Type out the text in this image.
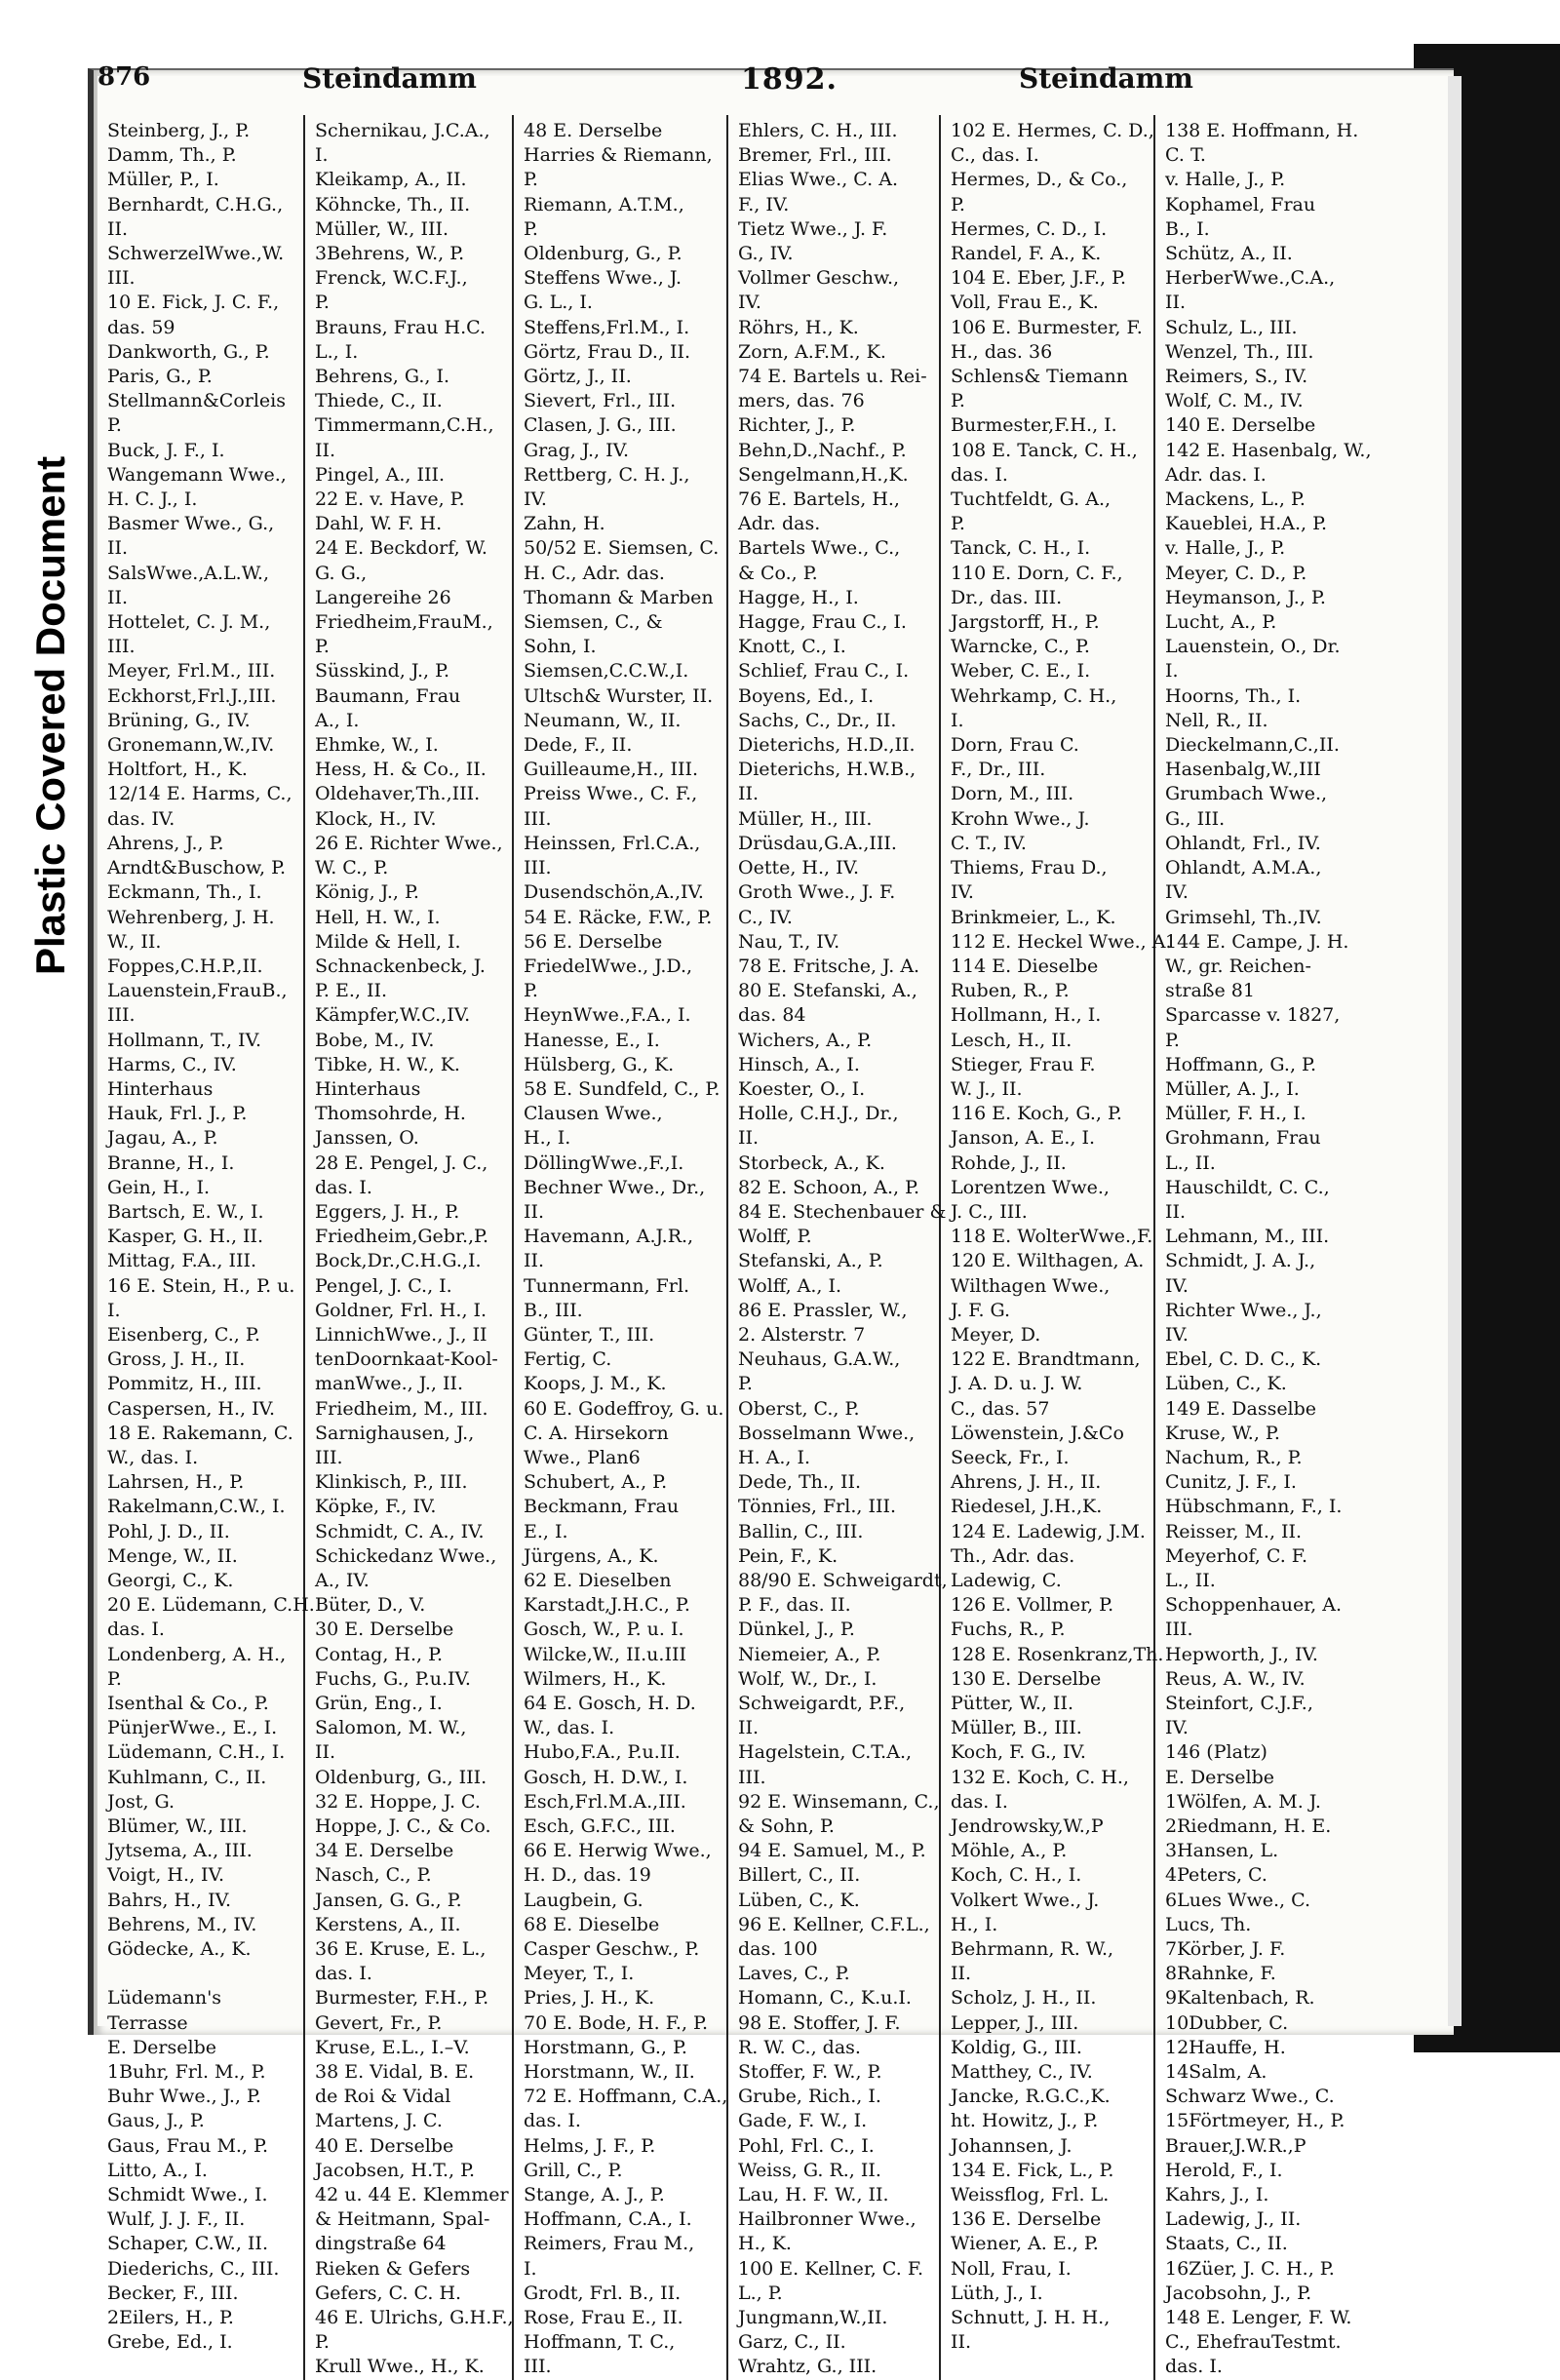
Plastic Covered Document
876	Steindamm	1892.	Steindamm
Steinberg, J., P.
Damm, Th., P.
Müller, P., I.
Bernhardt, C.H.G.,
II.
SchwerzelWwe.,W.
III.
10 E. Fick, J. C. F.,
das. 59
Dankworth, G., P.
Paris, G., P.
Stellmann&Corleis
P.
Buck, J. F., I.
Wangemann Wwe.,
H. C. J., I.
Basmer Wwe., G.,
II.
SalsWwe.,A.L.W.,
II.
Hottelet, C. J. M.,
III.
Meyer, Frl.M., III.
Eckhorst,Frl.J.,III.
Brüning, G., IV.
Gronemann,W.,IV.
Holtfort, H., K.
12/14 E. Harms, C.,
das. IV.
Ahrens, J., P.
Arndt&Buschow, P.
Eckmann, Th., I.
Wehrenberg, J. H.
W., II.
Foppes,C.H.P.,II.
Lauenstein,FrauB.,
III.
Hollmann, T., IV.
Harms, C., IV.
Hinterhaus
Hauk, Frl. J., P.
Jagau, A., P.
Branne, H., I.
Gein, H., I.
Bartsch, E. W., I.
Kasper, G. H., II.
Mittag, F.A., III.
16 E. Stein, H., P. u.
I.
Eisenberg, C., P.
Gross, J. H., II.
Pommitz, H., III.
Caspersen, H., IV.
18 E. Rakemann, C.
W., das. I.
Lahrsen, H., P.
Rakelmann,C.W., I.
Pohl, J. D., II.
Menge, W., II.
Georgi, C., K.
20 E. Lüdemann, C.H.
das. I.
Londenberg, A. H.,
P.
Isenthal & Co., P.
PünjerWwe., E., I.
Lüdemann, C.H., I.
Kuhlmann, C., II.
Jost, G.
Blümer, W., III.
Jytsema, A., III.
Voigt, H., IV.
Bahrs, H., IV.
Behrens, M., IV.
Gödecke, A., K.

Lüdemann's
Terrasse
E. Derselbe
1Buhr, Frl. M., P.
Buhr Wwe., J., P.
Gaus, J., P.
Gaus, Frau M., P.
Litto, A., I.
Schmidt Wwe., I.
Wulf, J. J. F., II.
Schaper, C.W., II.
Diederichs, C., III.
Becker, F., III.
2Eilers, H., P.
Grebe, Ed., I.
Schernikau, J.C.A.,
I.
Kleikamp, A., II.
Köhncke, Th., II.
Müller, W., III.
3Behrens, W., P.
Frenck, W.C.F.J.,
P.
Brauns, Frau H.C.
L., I.
Behrens, G., I.
Thiede, C., II.
Timmermann,C.H.,
II.
Pingel, A., III.
22 E. v. Have, P.
Dahl, W. F. H.
24 E. Beckdorf, W.
G. G.,
Langereihe 26
Friedheim,FrauM.,
P.
Süsskind, J., P.
Baumann, Frau
A., I.
Ehmke, W., I.
Hess, H. & Co., II.
Oldehaver,Th.,III.
Klock, H., IV.
26 E. Richter Wwe.,
W. C., P.
König, J., P.
Hell, H. W., I.
Milde & Hell, I.
Schnackenbeck, J.
P. E., II.
Kämpfer,W.C.,IV.
Bobe, M., IV.
Tibke, H. W., K.
Hinterhaus
Thomsohrde, H.
Janssen, O.
28 E. Pengel, J. C.,
das. I.
Eggers, J. H., P.
Friedheim,Gebr.,P.
Bock,Dr.,C.H.G.,I.
Pengel, J. C., I.
Goldner, Frl. H., I.
LinnichWwe., J., II
tenDoornkaat-Kool-
manWwe., J., II.
Friedheim, M., III.
Sarnighausen, J.,
III.
Klinkisch, P., III.
Köpke, F., IV.
Schmidt, C. A., IV.
Schickedanz Wwe.,
A., IV.
Büter, D., V.
30 E. Derselbe
Contag, H., P.
Fuchs, G., P.u.IV.
Grün, Eng., I.
Salomon, M. W.,
II.
Oldenburg, G., III.
32 E. Hoppe, J. C.
Hoppe, J. C., & Co.
34 E. Derselbe
Nasch, C., P.
Jansen, G. G., P.
Kerstens, A., II.
36 E. Kruse, E. L.,
das. I.
Burmester, F.H., P.
Gevert, Fr., P.
Kruse, E.L., I.–V.
38 E. Vidal, B. E.
de Roi & Vidal
Martens, J. C.
40 E. Derselbe
Jacobsen, H.T., P.
42 u. 44 E. Klemmer
& Heitmann, Spal-
dingstraße 64
Rieken & Gefers
Gefers, C. C. H.
46 E. Ulrichs, G.H.F.,
P.
Krull Wwe., H., K.
48 E. Derselbe
Harries & Riemann,
P.
Riemann, A.T.M.,
P.
Oldenburg, G., P.
Steffens Wwe., J.
G. L., I.
Steffens,Frl.M., I.
Görtz, Frau D., II.
Görtz, J., II.
Sievert, Frl., III.
Clasen, J. G., III.
Grag, J., IV.
Rettberg, C. H. J.,
IV.
Zahn, H.
50/52 E. Siemsen, C.
H. C., Adr. das.
Thomann & Marben
Siemsen, C., &
Sohn, I.
Siemsen,C.C.W.,I.
Ultsch& Wurster, II.
Neumann, W., II.
Dede, F., II.
Guilleaume,H., III.
Preiss Wwe., C. F.,
III.
Heinssen, Frl.C.A.,
III.
Dusendschön,A.,IV.
54 E. Räcke, F.W., P.
56 E. Derselbe
FriedelWwe., J.D.,
P.
HeynWwe.,F.A., I.
Hanesse, E., I.
Hülsberg, G., K.
58 E. Sundfeld, C., P.
Clausen Wwe.,
H., I.
DöllingWwe.,F.,I.
Bechner Wwe., Dr.,
II.
Havemann, A.J.R.,
II.
Tunnermann, Frl.
B., III.
Günter, T., III.
Fertig, C.
Koops, J. M., K.
60 E. Godeffroy, G. u.
C. A. Hirsekorn
Wwe., Plan6
Schubert, A., P.
Beckmann, Frau
E., I.
Jürgens, A., K.
62 E. Dieselben
Karstadt,J.H.C., P.
Gosch, W., P. u. I.
Wilcke,W., II.u.III
Wilmers, H., K.
64 E. Gosch, H. D.
W., das. I.
Hubo,F.A., P.u.II.
Gosch, H. D.W., I.
Esch,Frl.M.A.,III.
Esch, G.F.C., III.
66 E. Herwig Wwe.,
H. D., das. 19
Laugbein, G.
68 E. Dieselbe
Casper Geschw., P.
Meyer, T., I.
Pries, J. H., K.
70 E. Bode, H. F., P.
Horstmann, G., P.
Horstmann, W., II.
72 E. Hoffmann, C.A.,
das. I.
Helms, J. F., P.
Grill, C., P.
Stange, A. J., P.
Hoffmann, C.A., I.
Reimers, Frau M.,
I.
Grodt, Frl. B., II.
Rose, Frau E., II.
Hoffmann, T. C.,
III.
Ehlers, C. H., III.
Bremer, Frl., III.
Elias Wwe., C. A.
F., IV.
Tietz Wwe., J. F.
G., IV.
Vollmer Geschw.,
IV.
Röhrs, H., K.
Zorn, A.F.M., K.
74 E. Bartels u. Rei-
mers, das. 76
Richter, J., P.
Behn,D.,Nachf., P.
Sengelmann,H.,K.
76 E. Bartels, H.,
Adr. das.
Bartels Wwe., C.,
& Co., P.
Hagge, H., I.
Hagge, Frau C., I.
Knott, C., I.
Schlief, Frau C., I.
Boyens, Ed., I.
Sachs, C., Dr., II.
Dieterichs, H.D.,II.
Dieterichs, H.W.B.,
II.
Müller, H., III.
Drüsdau,G.A.,III.
Oette, H., IV.
Groth Wwe., J. F.
C., IV.
Nau, T., IV.
78 E. Fritsche, J. A.
80 E. Stefanski, A.,
das. 84
Wichers, A., P.
Hinsch, A., I.
Koester, O., I.
Holle, C.H.J., Dr.,
II.
Storbeck, A., K.
82 E. Schoon, A., P.
84 E. Stechenbauer &
Wolff, P.
Stefanski, A., P.
Wolff, A., I.
86 E. Prassler, W.,
2. Alsterstr. 7
Neuhaus, G.A.W.,
P.
Oberst, C., P.
Bosselmann Wwe.,
H. A., I.
Dede, Th., II.
Tönnies, Frl., III.
Ballin, C., III.
Pein, F., K.
88/90 E. Schweigardt,
P. F., das. II.
Dünkel, J., P.
Niemeier, A., P.
Wolf, W., Dr., I.
Schweigardt, P.F.,
II.
Hagelstein, C.T.A.,
III.
92 E. Winsemann, C.,
& Sohn, P.
94 E. Samuel, M., P.
Billert, C., II.
Lüben, C., K.
96 E. Kellner, C.F.L.,
das. 100
Laves, C., P.
Homann, C., K.u.I.
98 E. Stoffer, J. F.
R. W. C., das.
Stoffer, F. W., P.
Grube, Rich., I.
Gade, F. W., I.
Pohl, Frl. C., I.
Weiss, G. R., II.
Lau, H. F. W., II.
Hailbronner Wwe.,
H., K.
100 E. Kellner, C. F.
L., P.
Jungmann,W.,II.
Garz, C., II.
Wrahtz, G., III.
102 E. Hermes, C. D.,
C., das. I.
Hermes, D., & Co.,
P.
Hermes, C. D., I.
Randel, F. A., K.
104 E. Eber, J.F., P.
Voll, Frau E., K.
106 E. Burmester, F.
H., das. 36
Schlens& Tiemann
P.
Burmester,F.H., I.
108 E. Tanck, C. H.,
das. I.
Tuchtfeldt, G. A.,
P.
Tanck, C. H., I.
110 E. Dorn, C. F.,
Dr., das. III.
Jargstorff, H., P.
Warncke, C., P.
Weber, C. E., I.
Wehrkamp, C. H.,
I.
Dorn, Frau C.
F., Dr., III.
Dorn, M., III.
Krohn Wwe., J.
C. T., IV.
Thiems, Frau D.,
IV.
Brinkmeier, L., K.
112 E. Heckel Wwe., A.
114 E. Dieselbe
Ruben, R., P.
Hollmann, H., I.
Lesch, H., II.
Stieger, Frau F.
W. J., II.
116 E. Koch, G., P.
Janson, A. E., I.
Rohde, J., II.
Lorentzen Wwe.,
J. C., III.
118 E. WolterWwe.,F.
120 E. Wilthagen, A.
Wilthagen Wwe.,
J. F. G.
Meyer, D.
122 E. Brandtmann,
J. A. D. u. J. W.
C., das. 57
Löwenstein, J.&Co
Seeck, Fr., I.
Ahrens, J. H., II.
Riedesel, J.H.,K.
124 E. Ladewig, J.M.
Th., Adr. das.
Ladewig, C.
126 E. Vollmer, P.
Fuchs, R., P.
128 E. Rosenkranz,Th.
130 E. Derselbe
Pütter, W., II.
Müller, B., III.
Koch, F. G., IV.
132 E. Koch, C. H.,
das. I.
Jendrowsky,W.,P
Möhle, A., P.
Koch, C. H., I.
Volkert Wwe., J.
H., I.
Behrmann, R. W.,
II.
Scholz, J. H., II.
Lepper, J., III.
Koldig, G., III.
Matthey, C., IV.
Jancke, R.G.C.,K.
ht. Howitz, J., P.
Johannsen, J.
134 E. Fick, L., P.
Weissflog, Frl. L.
136 E. Derselbe
Wiener, A. E., P.
Noll, Frau, I.
Lüth, J., I.
Schnutt, J. H. H.,
II.
138 E. Hoffmann, H.
C. T.
v. Halle, J., P.
Kophamel, Frau
B., I.
Schütz, A., II.
HerberWwe.,C.A.,
II.
Schulz, L., III.
Wenzel, Th., III.
Reimers, S., IV.
Wolf, C. M., IV.
140 E. Derselbe
142 E. Hasenbalg, W.,
Adr. das. I.
Mackens, L., P.
Kaueblei, H.A., P.
v. Halle, J., P.
Meyer, C. D., P.
Heymanson, J., P.
Lucht, A., P.
Lauenstein, O., Dr.
I.
Hoorns, Th., I.
Nell, R., II.
Dieckelmann,C.,II.
Hasenbalg,W.,III
Grumbach Wwe.,
G., III.
Ohlandt, Frl., IV.
Ohlandt, A.M.A.,
IV.
Grimsehl, Th.,IV.
144 E. Campe, J. H.
W., gr. Reichen-
straße 81
Sparcasse v. 1827,
P.
Hoffmann, G., P.
Müller, A. J., I.
Müller, F. H., I.
Grohmann, Frau
L., II.
Hauschildt, C. C.,
II.
Lehmann, M., III.
Schmidt, J. A. J.,
IV.
Richter Wwe., J.,
IV.
Ebel, C. D. C., K.
Lüben, C., K.
149 E. Dasselbe
Kruse, W., P.
Nachum, R., P.
Cunitz, J. F., I.
Hübschmann, F., I.
Reisser, M., II.
Meyerhof, C. F.
L., II.
Schoppenhauer, A.
III.
Hepworth, J., IV.
Reus, A. W., IV.
Steinfort, C.J.F.,
IV.
146 (Platz)
E. Derselbe
1Wölfen, A. M. J.
2Riedmann, H. E.
3Hansen, L.
4Peters, C.
6Lues Wwe., C.
Lucs, Th.
7Körber, J. F.
8Rahnke, F.
9Kaltenbach, R.
10Dubber, C.
12Hauffe, H.
14Salm, A.
Schwarz Wwe., C.
15Förtmeyer, H., P.
Brauer,J.W.R.,P
Herold, F., I.
Kahrs, J., I.
Ladewig, J., II.
Staats, C., II.
16Züer, J. C. H., P.
Jacobsohn, J., P.
148 E. Lenger, F. W.
C., EhefrauTestmt.
das. I.
